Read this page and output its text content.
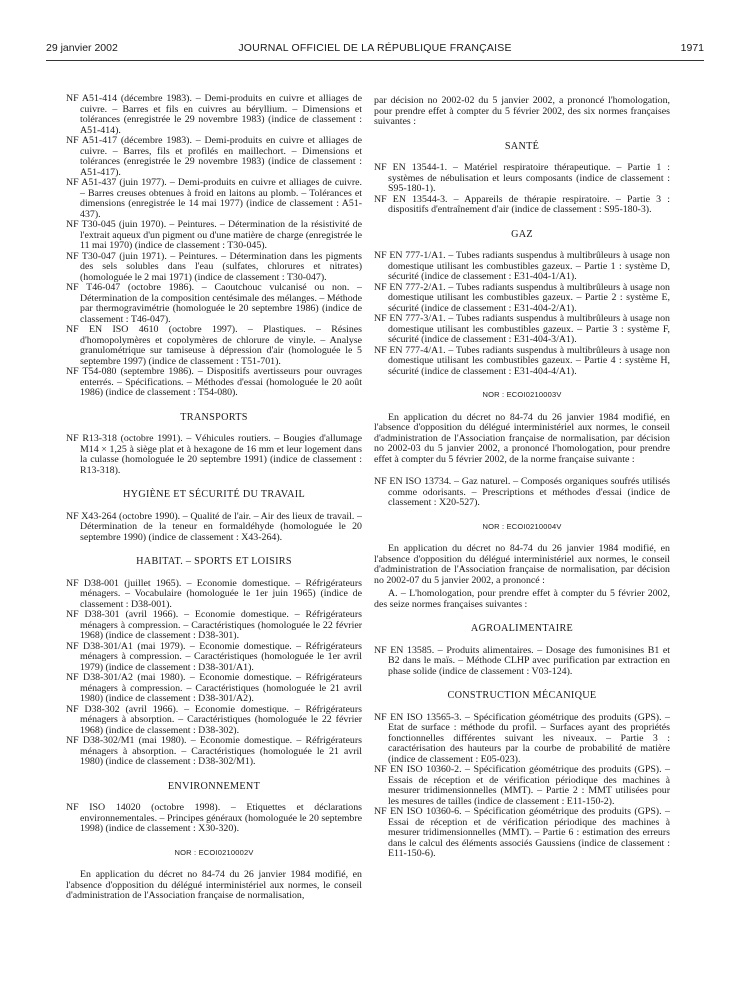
29 janvier 2002	JOURNAL OFFICIEL DE LA RÉPUBLIQUE FRANÇAISE	1971

NF A51-414 (décembre 1983). – Demi-produits en cuivre et alliages de cuivre. – Barres et fils en cuivres au béryllium. – Dimensions et tolérances (enregistrée le 29 novembre 1983) (indice de classement : A51-414).

NF A51-417 (décembre 1983). – Demi-produits en cuivre et alliages de cuivre. – Barres, fils et profilés en maillechort. – Dimensions et tolérances (enregistrée le 29 novembre 1983) (indice de classement : A51-417).

NF A51-437 (juin 1977). – Demi-produits en cuivre et alliages de cuivre. – Barres creuses obtenues à froid en laitons au plomb. – Tolérances et dimensions (enregistrée le 14 mai 1977) (indice de classement : A51-437).

NF T30-045 (juin 1970). – Peintures. – Détermination de la résistivité de l'extrait aqueux d'un pigment ou d'une matière de charge (enregistrée le 11 mai 1970) (indice de classement : T30-045).

NF T30-047 (juin 1971). – Peintures. – Détermination dans les pigments des sels solubles dans l'eau (sulfates, chlorures et nitrates) (homologuée le 2 mai 1971) (indice de classement : T30-047).

NF T46-047 (octobre 1986). – Caoutchouc vulcanisé ou non. – Détermination de la composition centésimale des mélanges. – Méthode par thermogravimétrie (homologuée le 20 septembre 1986) (indice de classement : T46-047).

NF EN ISO 4610 (octobre 1997). – Plastiques. – Résines d'homopolymères et copolymères de chlorure de vinyle. – Analyse granulométrique sur tamiseuse à dépression d'air (homologuée le 5 septembre 1997) (indice de classement : T51-701).

NF T54-080 (septembre 1986). – Dispositifs avertisseurs pour ouvrages enterrés. – Spécifications. – Méthodes d'essai (homologuée le 20 août 1986) (indice de classement : T54-080).

TRANSPORTS

NF R13-318 (octobre 1991). – Véhicules routiers. – Bougies d'allumage M14 × 1,25 à siège plat et à hexagone de 16 mm et leur logement dans la culasse (homologuée le 20 septembre 1991) (indice de classement : R13-318).

HYGIÈNE ET SÉCURITÉ DU TRAVAIL

NF X43-264 (octobre 1990). – Qualité de l'air. – Air des lieux de travail. – Détermination de la teneur en formaldéhyde (homologuée le 20 septembre 1990) (indice de classement : X43-264).

HABITAT. – SPORTS ET LOISIRS

NF D38-001 (juillet 1965). – Economie domestique. – Réfrigérateurs ménagers. – Vocabulaire (homologuée le 1er juin 1965) (indice de classement : D38-001).

NF D38-301 (avril 1966). – Economie domestique. – Réfrigérateurs ménagers à compression. – Caractéristiques (homologuée le 22 février 1968) (indice de classement : D38-301).

NF D38-301/A1 (mai 1979). – Economie domestique. – Réfrigérateurs ménagers à compression. – Caractéristiques (homologuée le 1er avril 1979) (indice de classement : D38-301/A1).

NF D38-301/A2 (mai 1980). – Economie domestique. – Réfrigérateurs ménagers à compression. – Caractéristiques (homologuée le 21 avril 1980) (indice de classement : D38-301/A2).

NF D38-302 (avril 1966). – Economie domestique. – Réfrigérateurs ménagers à absorption. – Caractéristiques (homologuée le 22 février 1968) (indice de classement : D38-302).

NF D38-302/M1 (mai 1980). – Economie domestique. – Réfrigérateurs ménagers à absorption. – Caractéristiques (homologuée le 21 avril 1980) (indice de classement : D38-302/M1).

ENVIRONNEMENT

NF ISO 14020 (octobre 1998). – Etiquettes et déclarations environnementales. – Principes généraux (homologuée le 20 septembre 1998) (indice de classement : X30-320).

NOR : ECOI0210002V

En application du décret no 84-74 du 26 janvier 1984 modifié, en l'absence d'opposition du délégué interministériel aux normes, le conseil d'administration de l'Association française de normalisation,

par décision no 2002-02 du 5 janvier 2002, a prononcé l'homologation, pour prendre effet à compter du 5 février 2002, des six normes françaises suivantes :

SANTÉ

NF EN 13544-1. – Matériel respiratoire thérapeutique. – Partie 1 : systèmes de nébulisation et leurs composants (indice de classement : S95-180-1).

NF EN 13544-3. – Appareils de thérapie respiratoire. – Partie 3 : dispositifs d'entraînement d'air (indice de classement : S95-180-3).

GAZ

NF EN 777-1/A1. – Tubes radiants suspendus à multibrûleurs à usage non domestique utilisant les combustibles gazeux. – Partie 1 : système D, sécurité (indice de classement : E31-404-1/A1).

NF EN 777-2/A1. – Tubes radiants suspendus à multibrûleurs à usage non domestique utilisant les combustibles gazeux. – Partie 2 : système E, sécurité (indice de classement : E31-404-2/A1).

NF EN 777-3/A1. – Tubes radiants suspendus à multibrûleurs à usage non domestique utilisant les combustibles gazeux. – Partie 3 : système F, sécurité (indice de classement : E31-404-3/A1).

NF EN 777-4/A1. – Tubes radiants suspendus à multibrûleurs à usage non domestique utilisant les combustibles gazeux. – Partie 4 : système H, sécurité (indice de classement : E31-404-4/A1).

NOR : ECOI0210003V

En application du décret no 84-74 du 26 janvier 1984 modifié, en l'absence d'opposition du délégué interministériel aux normes, le conseil d'administration de l'Association française de normalisation, par décision no 2002-03 du 5 janvier 2002, a prononcé l'homologation, pour prendre effet à compter du 5 février 2002, de la norme française suivante :

NF EN ISO 13734. – Gaz naturel. – Composés organiques soufrés utilisés comme odorisants. – Prescriptions et méthodes d'essai (indice de classement : X20-527).

NOR : ECOI0210004V

En application du décret no 84-74 du 26 janvier 1984 modifié, en l'absence d'opposition du délégué interministériel aux normes, le conseil d'administration de l'Association française de normalisation, par décision no 2002-07 du 5 janvier 2002, a prononcé :

A. – L'homologation, pour prendre effet à compter du 5 février 2002, des seize normes françaises suivantes :

AGROALIMENTAIRE

NF EN 13585. – Produits alimentaires. – Dosage des fumonisines B1 et B2 dans le maïs. – Méthode CLHP avec purification par extraction en phase solide (indice de classement : V03-124).

CONSTRUCTION MÉCANIQUE

NF EN ISO 13565-3. – Spécification géométrique des produits (GPS). – Etat de surface : méthode du profil. – Surfaces ayant des propriétés fonctionnelles différentes suivant les niveaux. – Partie 3 : caractérisation des hauteurs par la courbe de probabilité de matière (indice de classement : E05-023).

NF EN ISO 10360-2. – Spécification géométrique des produits (GPS). – Essais de réception et de vérification périodique des machines à mesurer tridimensionnelles (MMT). – Partie 2 : MMT utilisées pour les mesures de tailles (indice de classement : E11-150-2).

NF EN ISO 10360-6. – Spécification géométrique des produits (GPS). – Essai de réception et de vérification périodique des machines à mesurer tridimensionnelles (MMT). – Partie 6 : estimation des erreurs dans le calcul des éléments associés Gaussiens (indice de classement : E11-150-6).
